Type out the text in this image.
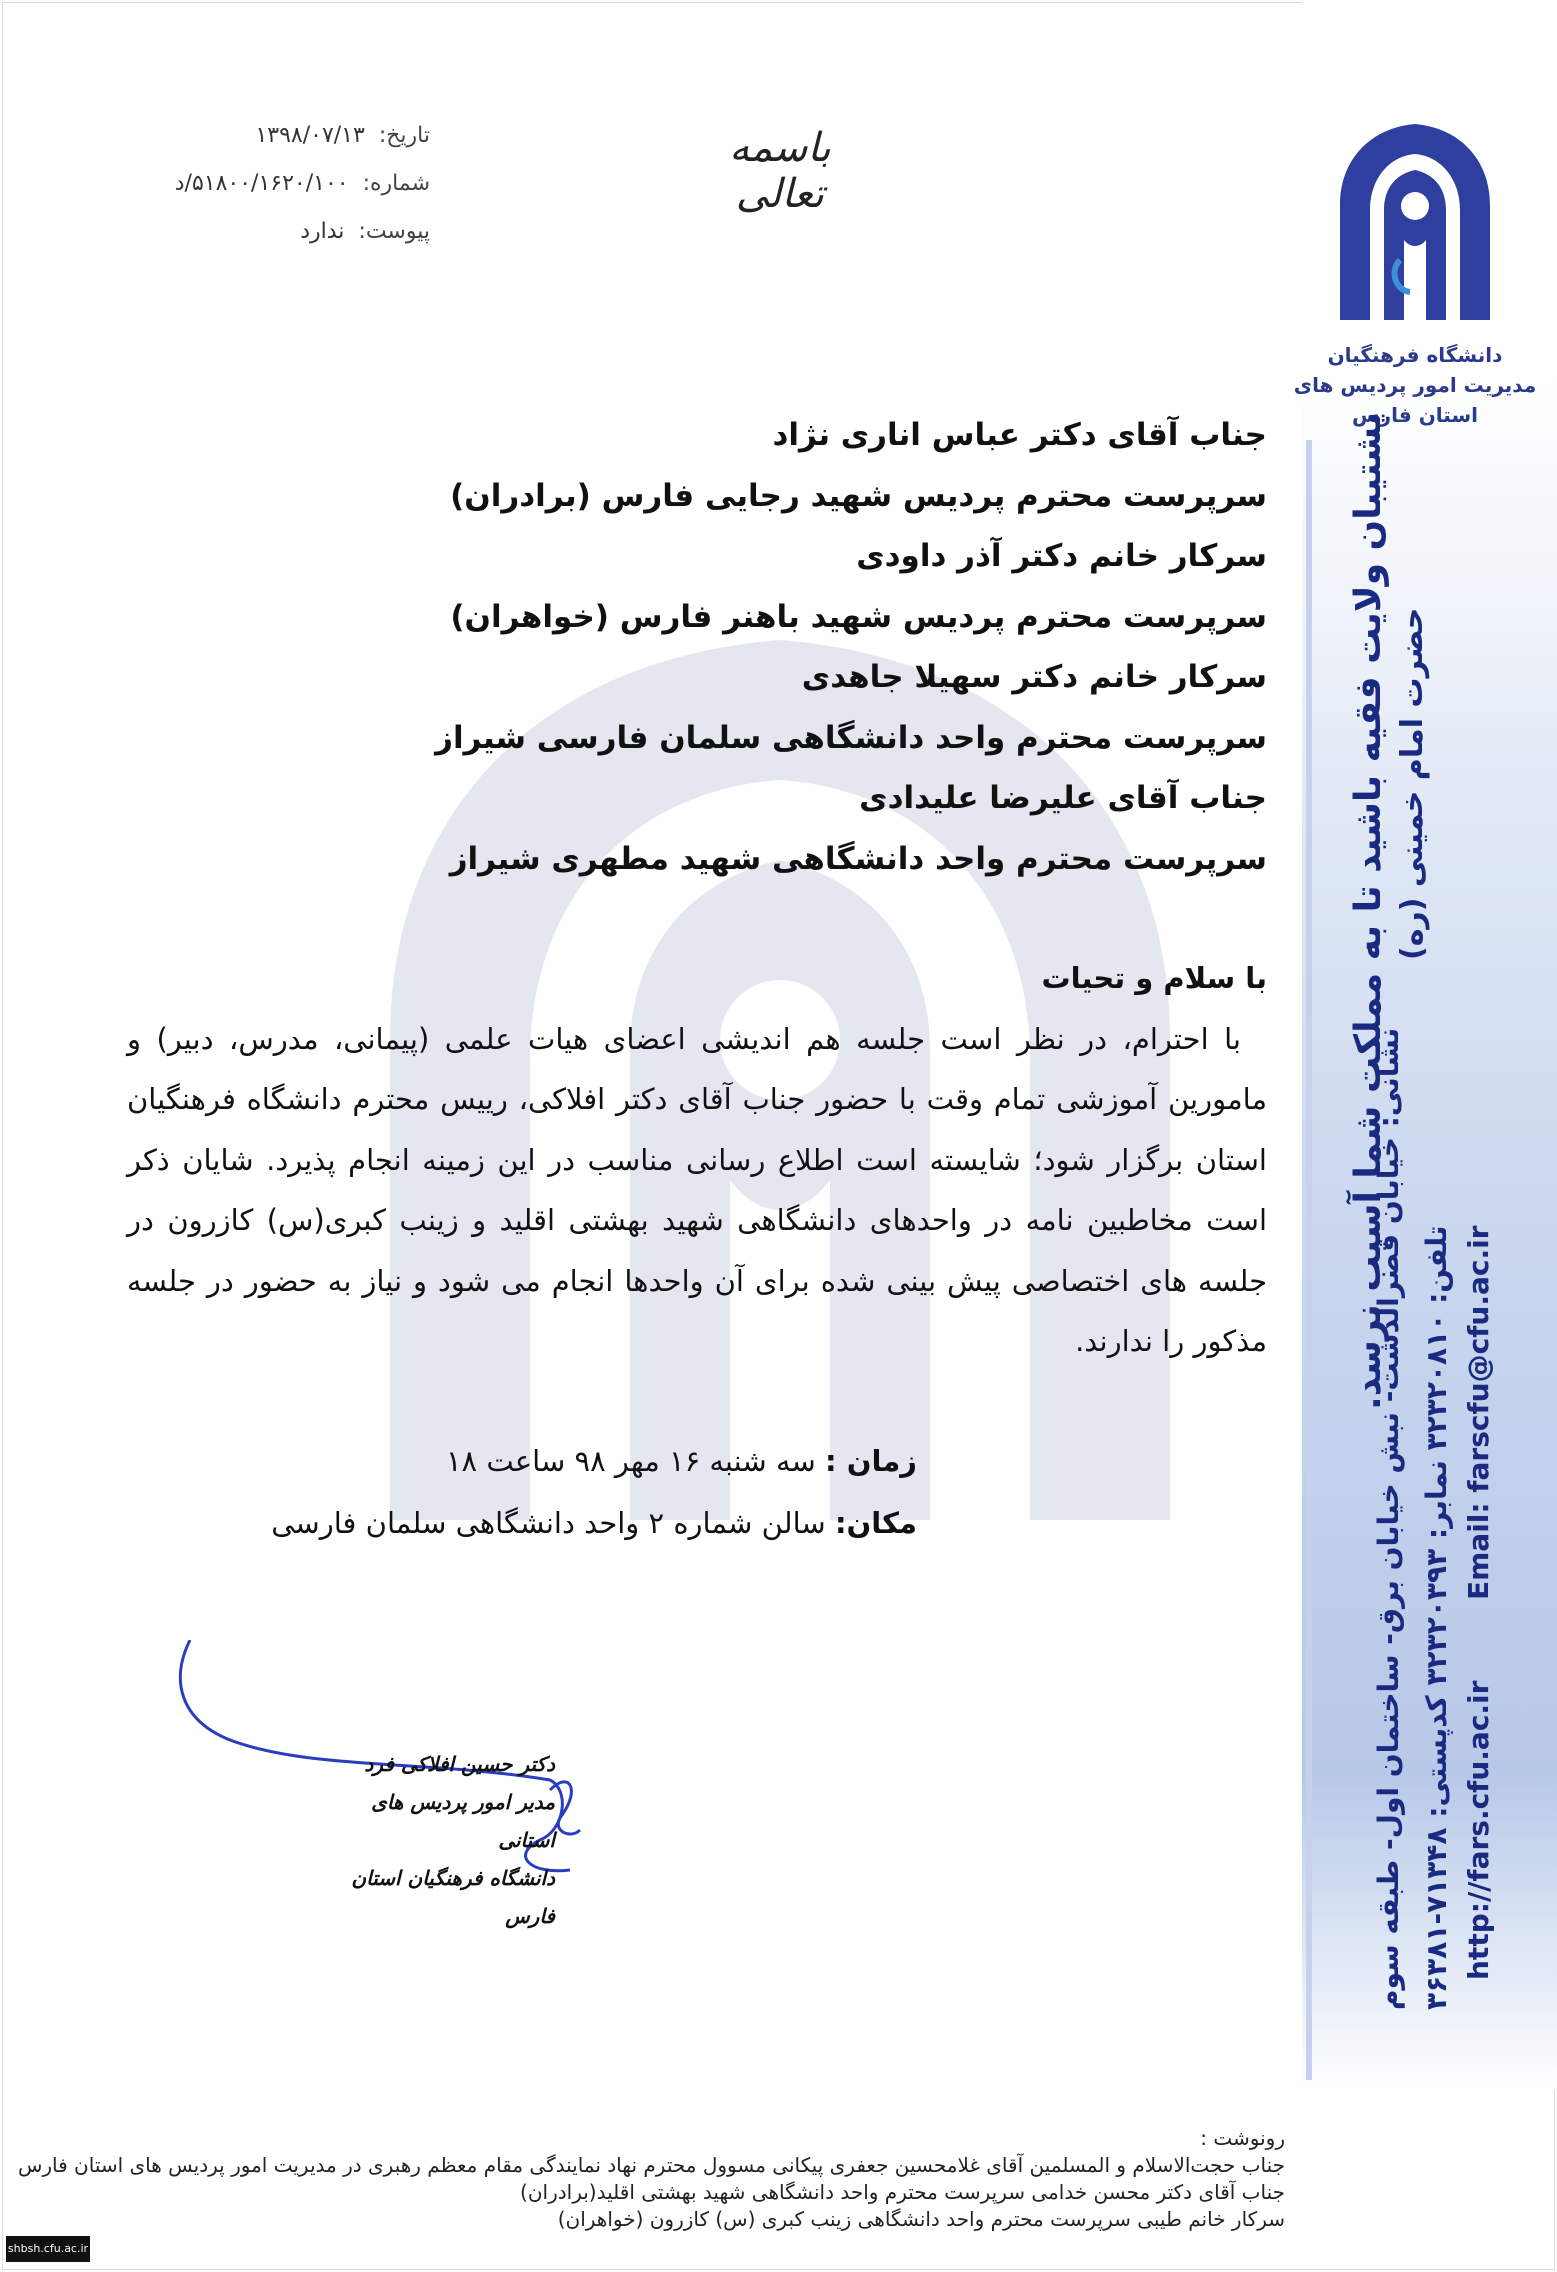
دانشگاه فرهنگیان
مدیریت امور پردیس های
استان فارس
پشتیبان ولایت فقیه باشید تا به مملکت شما آسیب نرسد. حضرت امام خمینی (ره)
نشانی: خیابان قصرالدشت- نبش خیابان برق- ساختمان اول- طبقه سوم تلفن: ۳۲۳۲۰۸۱۰ نمابر: ۳۲۳۲۰۳۹۳ کدپستی: ۷۱۳۴۸-۳۶۳۸۱ Email: farscfu@cfu.ac.ir
http://fars.cfu.ac.ir
باسمه تعالی
تاریخ:
۱۳۹۸/۰۷/۱۳
شماره:
۵۱۸۰۰/۱۶۲۰/۱۰۰/د
پیوست:
ندارد
جناب آقای دکتر عباس اناری نژاد
سرپرست محترم پردیس شهید رجایی فارس (برادران)
سرکار خانم دکتر آذر داودی
سرپرست محترم پردیس شهید باهنر فارس (خواهران)
سرکار خانم دکتر سهیلا جاهدی
سرپرست محترم واحد دانشگاهی سلمان فارسی شیراز
جناب آقای علیرضا علیدادی
سرپرست محترم واحد دانشگاهی شهید مطهری شیراز
با سلام و تحیات

با احترام، در نظر است جلسه هم اندیشی اعضای هیات علمی (پیمانی، مدرس، دبیر) و مامورین آموزشی تمام وقت با حضور جناب آقای دکتر افلاکی، رییس محترم دانشگاه فرهنگیان استان برگزار شود؛ شایسته است اطلاع رسانی مناسب در این زمینه انجام پذیرد. شایان ذکر است مخاطبین نامه در واحدهای دانشگاهی شهید بهشتی اقلید و زینب کبری(س) کازرون در جلسه های اختصاصی پیش بینی شده برای آن واحدها انجام می شود و نیاز به حضور در جلسه مذکور را ندارند.

زمان : سه شنبه ۱۶ مهر ۹۸ ساعت ۱۸
مکان: سالن شماره ۲ واحد دانشگاهی سلمان فارسی
دکتر حسین افلاکی فرد
مدیر امور پردیس های استانی
دانشگاه فرهنگیان استان فارس
رونوشت :
جناب حجت‌الاسلام و المسلمین آقای غلامحسین جعفری پیکانی مسوول محترم نهاد نمایندگی مقام معظم رهبری در مدیریت امور پردیس های استان فارس
جناب آقای دکتر محسن خدامی سرپرست محترم واحد دانشگاهی شهید بهشتی اقلید(برادران)
سرکار خانم طیبی سرپرست محترم واحد دانشگاهی زینب کبری (س) کازرون (خواهران)
shbsh.cfu.ac.ir
